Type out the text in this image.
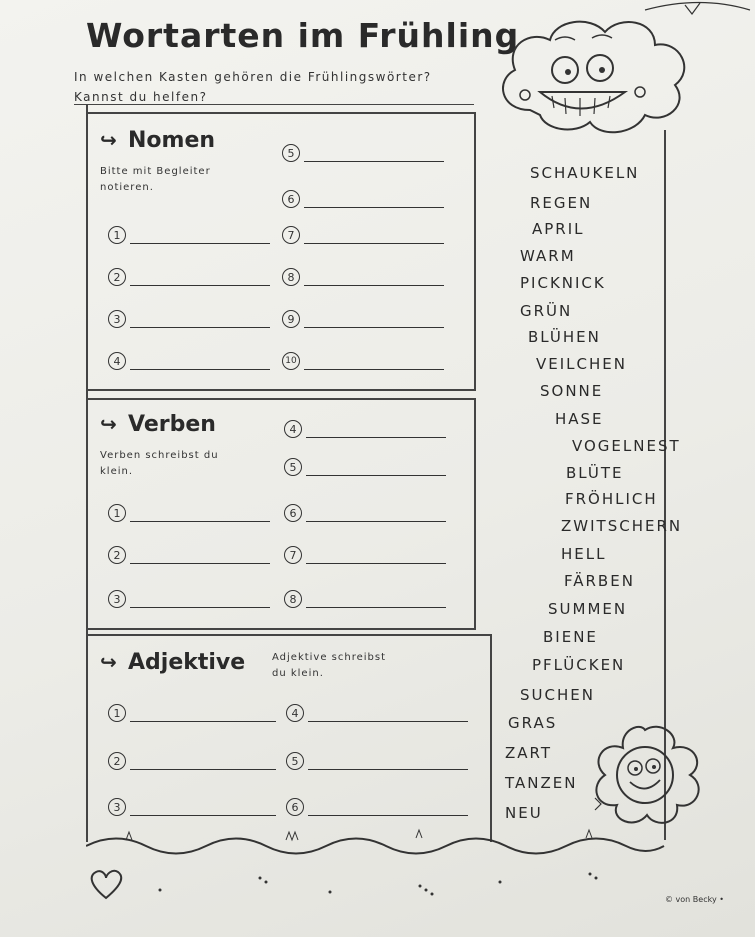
Wortarten im Frühling
In welchen Kasten gehören die Frühlingswörter?
Kannst du helfen?
↪ Nomen
Bitte mit Begleiter
notieren.
5
6
1	7
2	8
3	9
4	10
↪ Verben
Verben schreibst du
klein.
4
5
1	6
2	7
3	8
↪ Adjektive	Adjektive schreibst
du klein.
1	4
2	5
3	6
SCHAUKELN
REGEN
APRIL
WARM
PICKNICK
GRÜN
BLÜHEN
VEILCHEN
SONNE
HASE
VOGELNEST
BLÜTE
FRÖHLICH
ZWITSCHERN
HELL
FÄRBEN
SUMMEN
BIENE
PFLÜCKEN
SUCHEN
GRAS
ZART
TANZEN
NEU
© von Becky •
